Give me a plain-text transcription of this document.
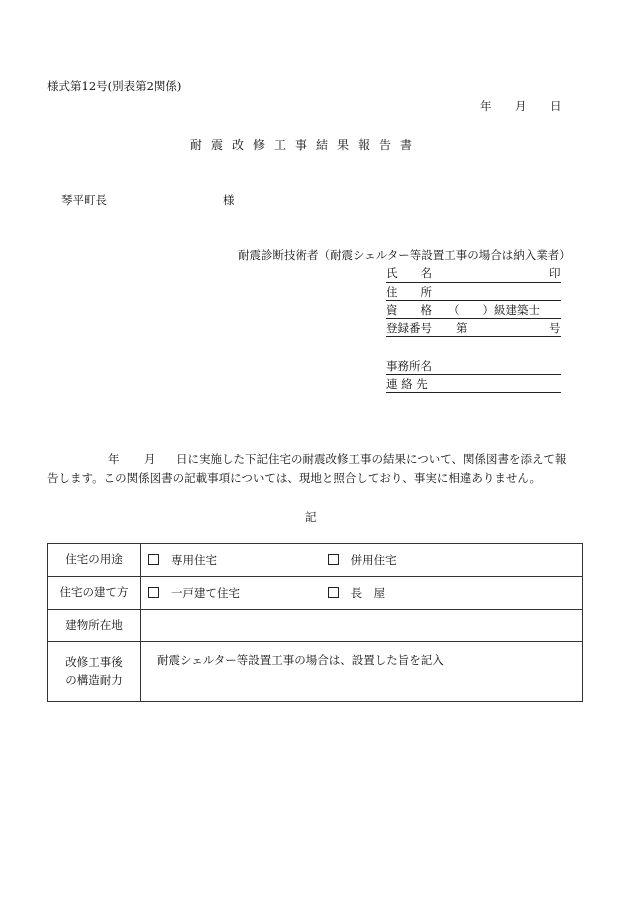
様式第12号(別表第2関係)
年 月 日
耐震改修工事結果報告書
琴平町長	様
耐震診断技術者（耐震シェルター等設置工事の場合は納入業者）
氏　　名	印
住　　所
資　　格 （　　）級建築士
登録番号 第	号
事務所名
連 絡 先
年 月 日に実施した下記住宅の耐震改修工事の結果について、関係図書を添えて報
告します。この関係図書の記載事項については、現地と照合しており、事実に相違ありません。
記
住宅の用途	専用住宅 併用住宅
住宅の建て方	一戸建て住宅 長　屋
建物所在地	

改修工事後
の構造耐力	耐震シェルター等設置工事の場合は、設置した旨を記入
